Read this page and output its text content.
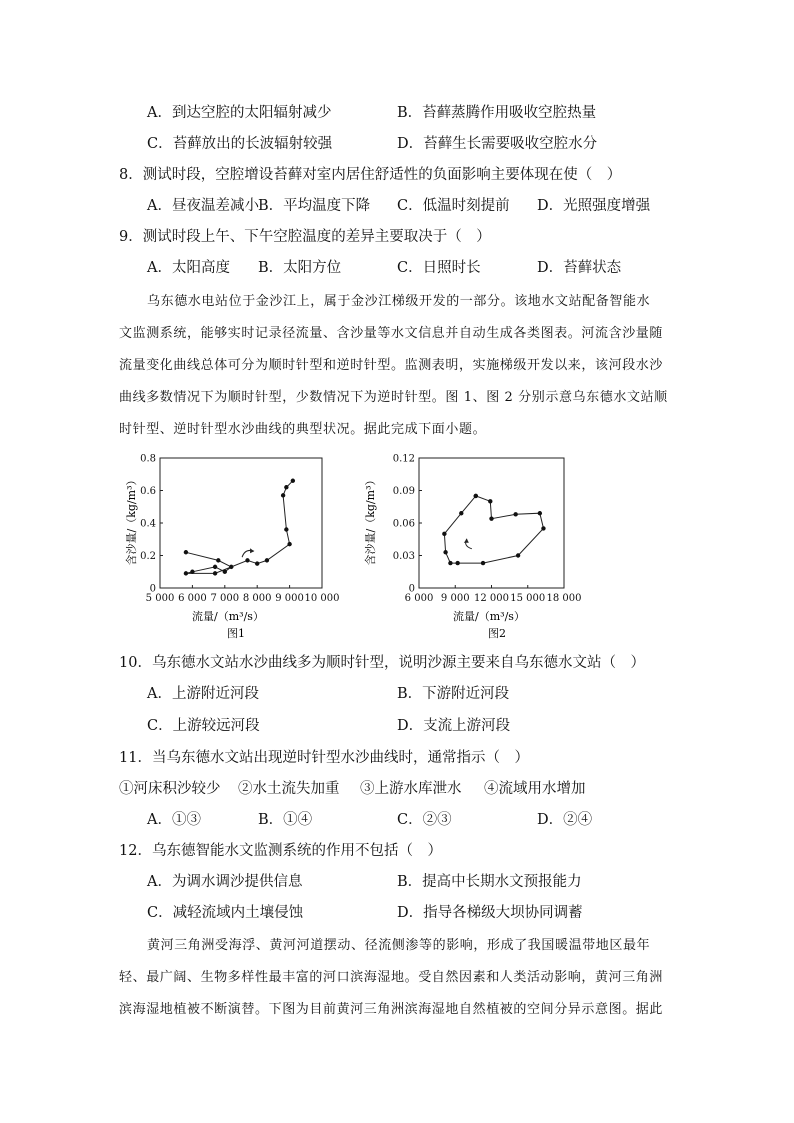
A．到达空腔的太阳辐射减少	B．苔藓蒸腾作用吸收空腔热量
C．苔藓放出的长波辐射较强	D．苔藓生长需要吸收空腔水分
8．测试时段，空腔增设苔藓对室内居住舒适性的负面影响主要体现在使（　）
A．昼夜温差减小 B．平均温度下降 C．低温时刻提前 D．光照强度增强
9．测试时段上午、下午空腔温度的差异主要取决于（　）
A．太阳高度 B．太阳方位	C．日照时长	D．苔藓状态
乌东德水电站位于金沙江上，属于金沙江梯级开发的一部分。该地水文站配备智能水
文监测系统，能够实时记录径流量、含沙量等水文信息并自动生成各类图表。河流含沙量随
流量变化曲线总体可分为顺时针型和逆时针型。监测表明，实施梯级开发以来，该河段水沙
曲线多数情况下为顺时针型，少数情况下为逆时针型。图 1、图 2 分别示意乌东德水文站顺
时针型、逆时针型水沙曲线的典型状况。据此完成下面小题。
5 000 6 000 7 000 8 000 9 000 10 000
0
0.2
0.4
0.6
0.8
流量/（m³/s）
图1
含沙量/（kg/m³）
6 000 9 000 12 000 15 000 18 000
0
0.03
0.06
0.09
0.12
流量/（m³/s）
图2
含沙量/（kg/m³）
10．乌东德水文站水沙曲线多为顺时针型，说明沙源主要来自乌东德水文站（　）
A．上游附近河段	B．下游附近河段
C．上游较远河段	D．支流上游河段
11．当乌东德水文站出现逆时针型水沙曲线时，通常指示（　）
①河床积沙较少 ②水土流失加重 ③上游水库泄水 ④流域用水增加
A．①③	B．①④	C．②③	D．②④
12．乌东德智能水文监测系统的作用不包括（　）
A．为调水调沙提供信息	B．提高中长期水文预报能力
C．减轻流域内土壤侵蚀	D．指导各梯级大坝协同调蓄
黄河三角洲受海浮、黄河河道摆动、径流侧渗等的影响，形成了我国暖温带地区最年
轻、最广阔、生物多样性最丰富的河口滨海湿地。受自然因素和人类活动影响，黄河三角洲
滨海湿地植被不断演替。下图为目前黄河三角洲滨海湿地自然植被的空间分异示意图。据此
